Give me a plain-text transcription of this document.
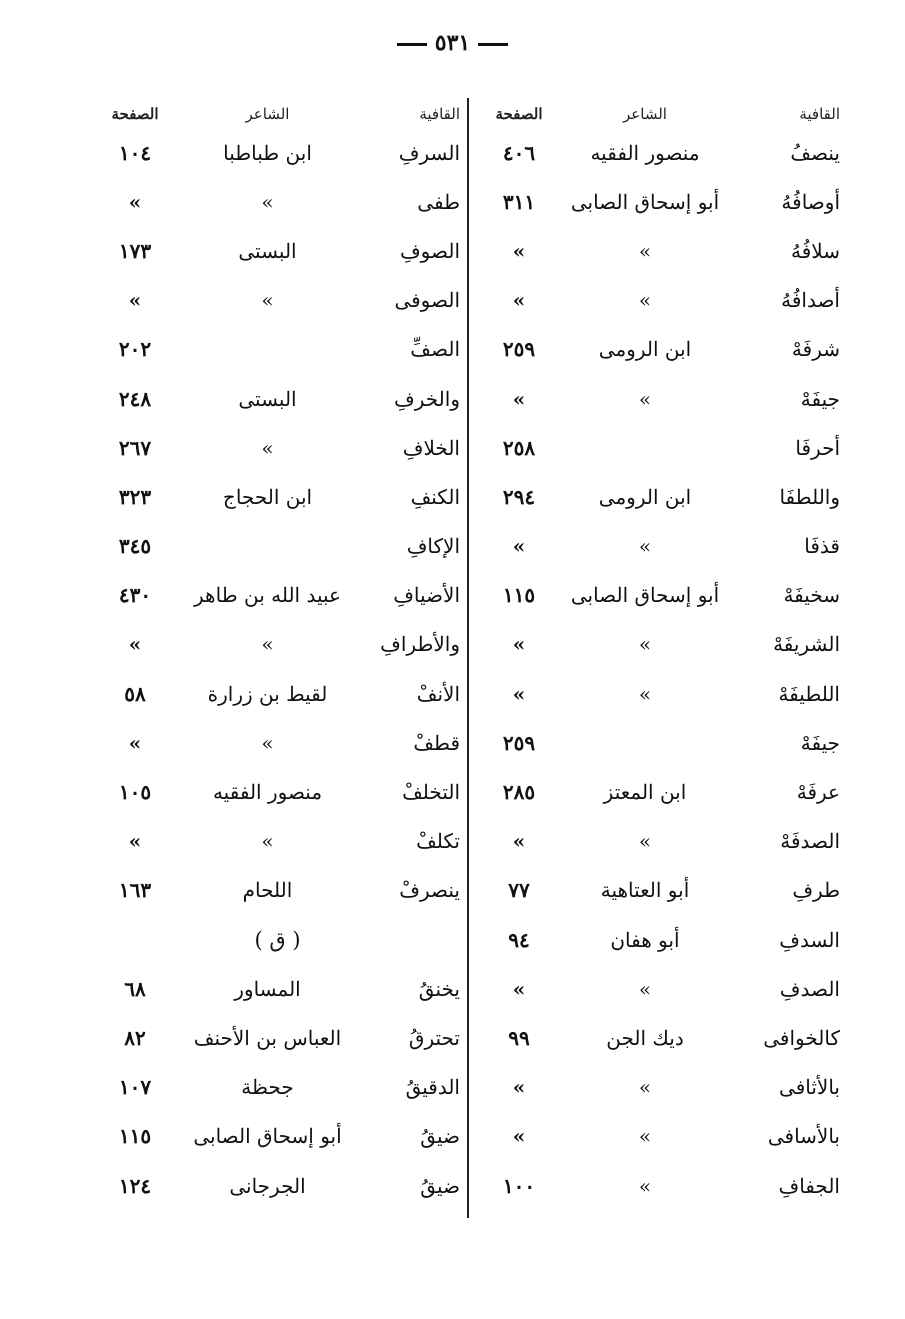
٥٣١
القافية	الشاعر	الصفحة
ينصفُ	منصور الفقيه	٤٠٦
أوصافُهُ	أبو إسحاق الصابى	٣١١
سلافُهُ	»	»
أصدافُهُ	»	»
شرفَهْ	ابن الرومى	٢٥٩
جيفَهْ	»	»
أحرفَا		٢٥٨
واللطفَا	ابن الرومى	٢٩٤
قذفَا	»	»
سخيفَهْ	أبو إسحاق الصابى	١١٥
الشريفَهْ	»	»
اللطيفَهْ	»	»
جيفَهْ		٢٥٩
عرفَهْ	ابن المعتز	٢٨٥
الصدفَهْ	»	»
طرفِ	أبو العتاهية	٧٧
السدفِ	أبو هفان	٩٤
الصدفِ	»	»
كالخوافى	ديك الجن	٩٩
بالأثافى	»	»
بالأسافى	»	»
الجفافِ	»	١٠٠
القافية	الشاعر	الصفحة
السرفِ	ابن طباطبا	١٠٤
طفى	»	»
الصوفِ	البستى	١٧٣
الصوفى	»	»
الصفِّ		٢٠٢
والخرفِ	البستى	٢٤٨
الخلافِ	»	٢٦٧
الكنفِ	ابن الحجاج	٣٢٣
الإكافِ		٣٤٥
الأضيافِ	عبيد الله بن طاهر	٤٣٠
والأطرافِ	»	»
الأنفْ	لقيط بن زرارة	٥٨
قطفْ	»	»
التخلفْ	منصور الفقيه	١٠٥
تكلفْ	»	»
ينصرفْ	اللحام	١٦٣
( ق )		
يخنقُ	المساور	٦٨
تحترقُ	العباس بن الأحنف	٨٢
الدقيقُ	جحظة	١٠٧
ضيقُ	أبو إسحاق الصابى	١١٥
ضيقُ	الجرجانى	١٢٤
